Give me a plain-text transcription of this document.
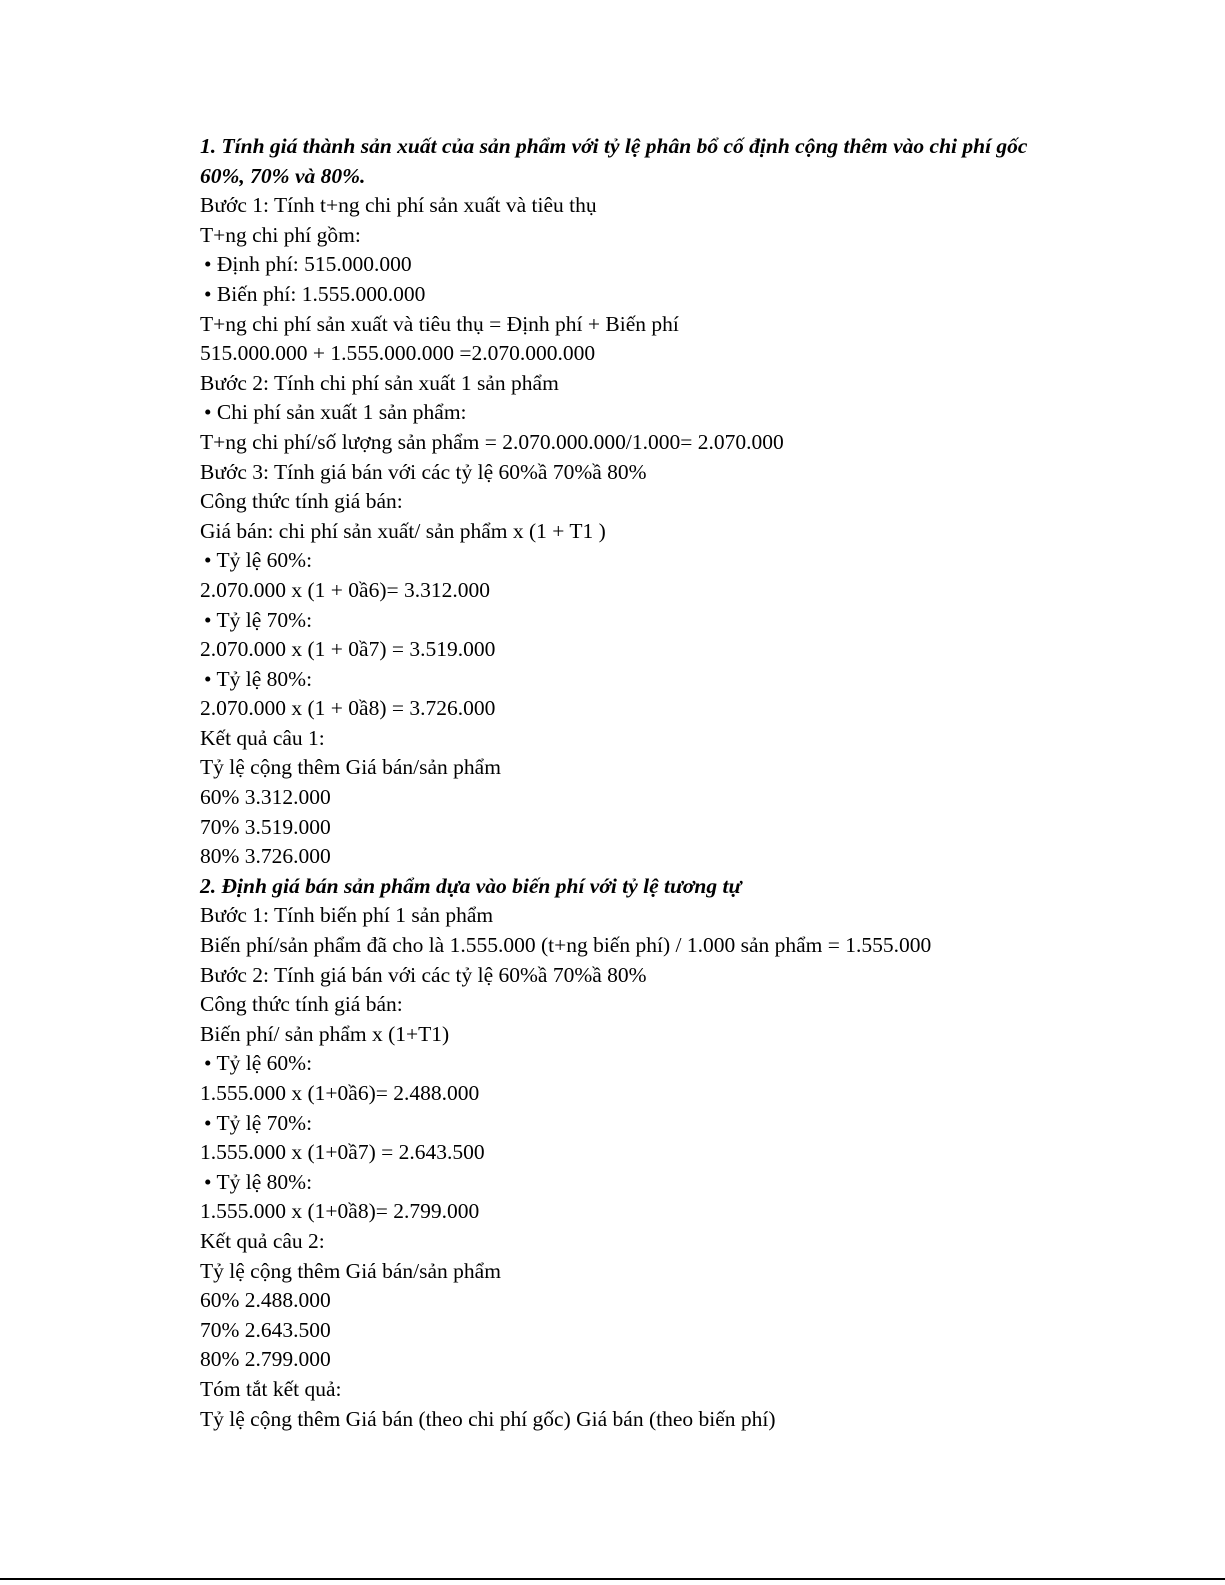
1. Tính giá thành sản xuất của sản phẩm với tỷ lệ phân bổ cố định cộng thêm vào chi phí gốc 60%, 70% và 80%.
Bước 1: Tính t+ng chi phí sản xuất và tiêu thụ
T+ng chi phí gồm:
• Định phí: 515.000.000
• Biến phí: 1.555.000.000
T+ng chi phí sản xuất và tiêu thụ = Định phí + Biến phí
515.000.000 + 1.555.000.000 =2.070.000.000
Bước 2: Tính chi phí sản xuất 1 sản phẩm
• Chi phí sản xuất 1 sản phẩm:
T+ng chi phí/số lượng sản phẩm = 2.070.000.000/1.000= 2.070.000
Bước 3: Tính giá bán với các tỷ lệ 60%ầ 70%ầ 80%
Công thức tính giá bán:
Giá bán: chi phí sản xuất/ sản phẩm x (1 + T1 )
• Tỷ lệ 60%:
2.070.000 x (1 + 0ầ6)= 3.312.000
• Tỷ lệ 70%:
2.070.000 x (1 + 0ầ7) = 3.519.000
• Tỷ lệ 80%:
2.070.000 x (1 + 0ầ8) = 3.726.000
Kết quả câu 1:
Tỷ lệ cộng thêm Giá bán/sản phẩm
60% 3.312.000
70% 3.519.000
80% 3.726.000
2. Định giá bán sản phẩm dựa vào biến phí với tỷ lệ tương tự
Bước 1: Tính biến phí 1 sản phẩm
Biến phí/sản phẩm đã cho là 1.555.000 (t+ng biến phí) / 1.000 sản phẩm = 1.555.000
Bước 2: Tính giá bán với các tỷ lệ 60%ầ 70%ầ 80%
Công thức tính giá bán:
Biến phí/ sản phẩm x (1+T1)
• Tỷ lệ 60%:
1.555.000 x (1+0ầ6)= 2.488.000
• Tỷ lệ 70%:
1.555.000 x (1+0ầ7) = 2.643.500
• Tỷ lệ 80%:
1.555.000 x (1+0ầ8)= 2.799.000
Kết quả câu 2:
Tỷ lệ cộng thêm Giá bán/sản phẩm
60% 2.488.000
70% 2.643.500
80% 2.799.000
Tóm tắt kết quả:
Tỷ lệ cộng thêm Giá bán (theo chi phí gốc) Giá bán (theo biến phí)
